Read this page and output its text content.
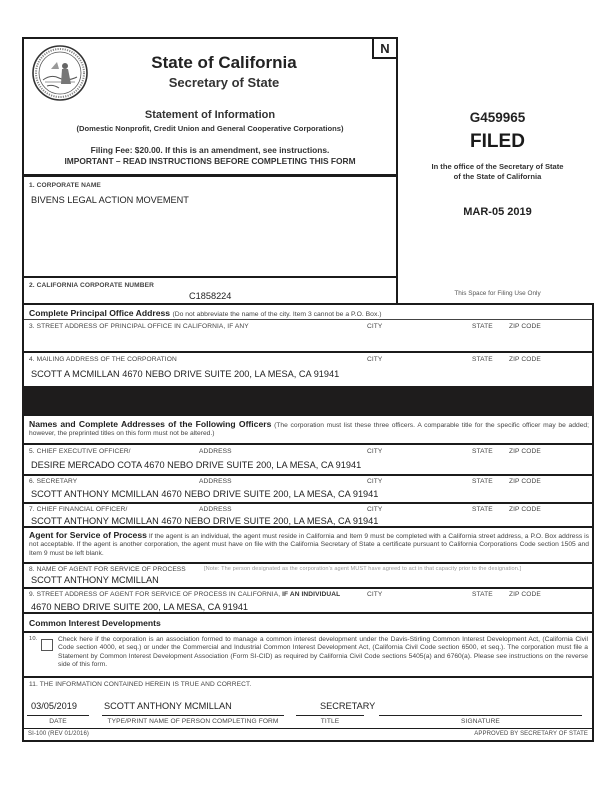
State of California
Secretary of State
Statement of Information
(Domestic Nonprofit, Credit Union and General Cooperative Corporations)
Filing Fee: $20.00. If this is an amendment, see instructions.
IMPORTANT – READ INSTRUCTIONS BEFORE COMPLETING THIS FORM
N
G459965
FILED
In the office of the Secretary of State
of the State of California
MAR-05 2019
This Space for Filing Use Only
1. CORPORATE NAME
BIVENS LEGAL ACTION MOVEMENT
2. CALIFORNIA CORPORATE NUMBER
C1858224
Complete Principal Office Address (Do not abbreviate the name of the city. Item 3 cannot be a P.O. Box.)
3. STREET ADDRESS OF PRINCIPAL OFFICE IN CALIFORNIA, IF ANY	CITY	STATE ZIP CODE
4. MAILING ADDRESS OF THE CORPORATION	CITY	STATE ZIP CODE
SCOTT A MCMILLAN 4670 NEBO DRIVE SUITE 200, LA MESA, CA 91941
Names and Complete Addresses of the Following Officers (The corporation must list these three officers. A comparable title for the specific officer may be added; however, the preprinted titles on this form must not be altered.)
5. CHIEF EXECUTIVE OFFICER/	ADDRESS	CITY	STATE ZIP CODE
DESIRE MERCADO COTA 4670 NEBO DRIVE SUITE 200, LA MESA, CA 91941
6. SECRETARY	ADDRESS	CITY	STATE ZIP CODE
SCOTT ANTHONY MCMILLAN 4670 NEBO DRIVE SUITE 200, LA MESA, CA 91941
7. CHIEF FINANCIAL OFFICER/	ADDRESS	CITY	STATE ZIP CODE
SCOTT ANTHONY MCMILLAN 4670 NEBO DRIVE SUITE 200, LA MESA, CA 91941
Agent for Service of Process If the agent is an individual, the agent must reside in California and Item 9 must be completed with a California street address, a P.O. Box address is not acceptable. If the agent is another corporation, the agent must have on file with the California Secretary of State a certificate pursuant to California Corporations Code section 1505 and Item 9 must be left blank.
8. NAME OF AGENT FOR SERVICE OF PROCESS	[Note: The person designated as the corporation's agent MUST have agreed to act in that capacity prior to the designation.]
SCOTT ANTHONY MCMILLAN
9. STREET ADDRESS OF AGENT FOR SERVICE OF PROCESS IN CALIFORNIA, IF AN INDIVIDUAL	CITY	STATE ZIP CODE
4670 NEBO DRIVE SUITE 200, LA MESA, CA 91941
Common Interest Developments
10.	Check here if the corporation is an association formed to manage a common interest development under the Davis-Stirling Common Interest Development Act, (California Civil Code section 4000, et seq.) or under the Commercial and Industrial Common Interest Development Act, (California Civil Code section 6500, et seq.). The corporation must file a Statement by Common Interest Development Association (Form SI-CID) as required by California Civil Code sections 5405(a) and 6760(a). Please see instructions on the reverse side of this form.
11. THE INFORMATION CONTAINED HEREIN IS TRUE AND CORRECT.
03/05/2019	SCOTT ANTHONY MCMILLAN	SECRETARY
DATE	TYPE/PRINT NAME OF PERSON COMPLETING FORM	TITLE	SIGNATURE
SI-100 (REV 01/2016)	APPROVED BY SECRETARY OF STATE
